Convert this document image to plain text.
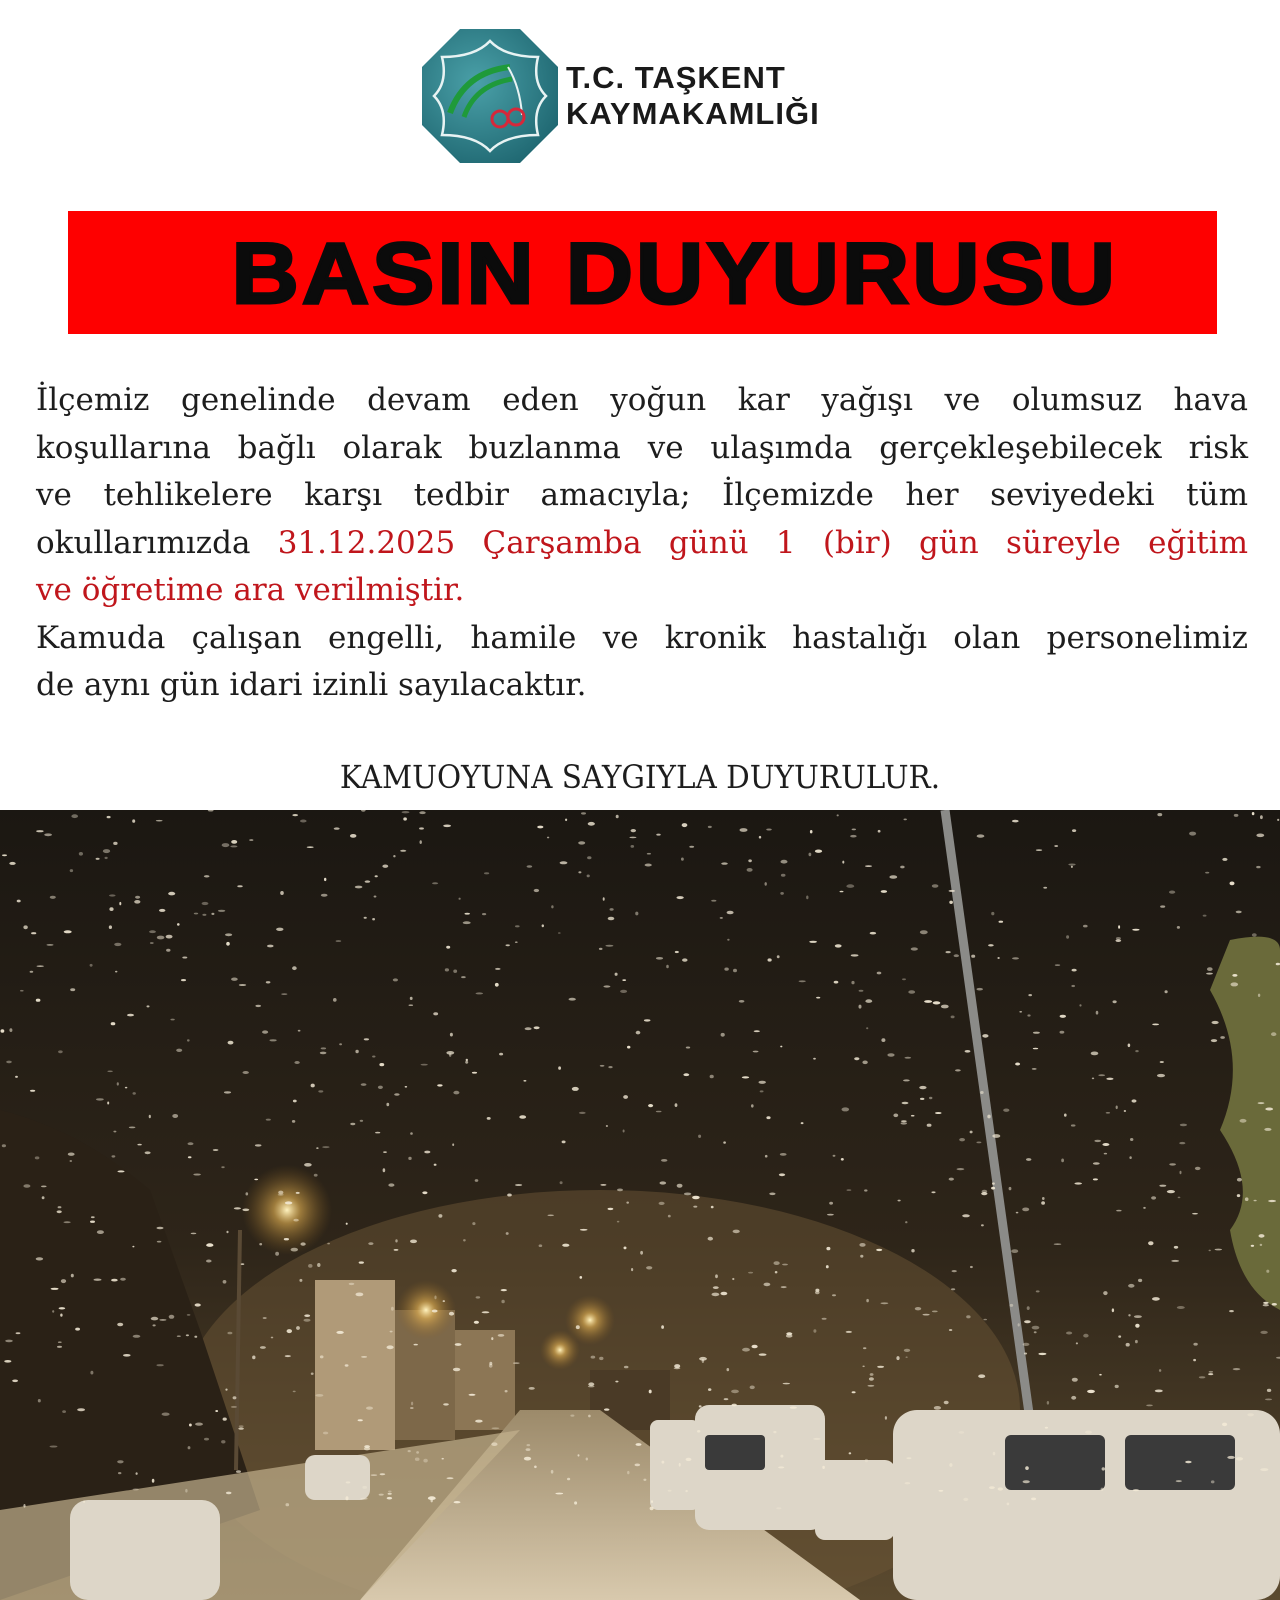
T.C. TAŞKENT
KAYMAKAMLIĞI
BASIN DUYURUSU
İlçemiz genelinde devam eden yoğun kar yağışı ve olumsuz hava
koşullarına bağlı olarak buzlanma ve ulaşımda gerçekleşebilecek risk
ve tehlikelere karşı tedbir amacıyla; İlçemizde her seviyedeki tüm
okullarımızda 31.12.2025 Çarşamba günü 1 (bir) gün süreyle eğitim
ve öğretime ara verilmiştir.
Kamuda çalışan engelli, hamile ve kronik hastalığı olan personelimiz
de aynı gün idari izinli sayılacaktır.
KAMUOYUNA SAYGIYLA DUYURULUR.
